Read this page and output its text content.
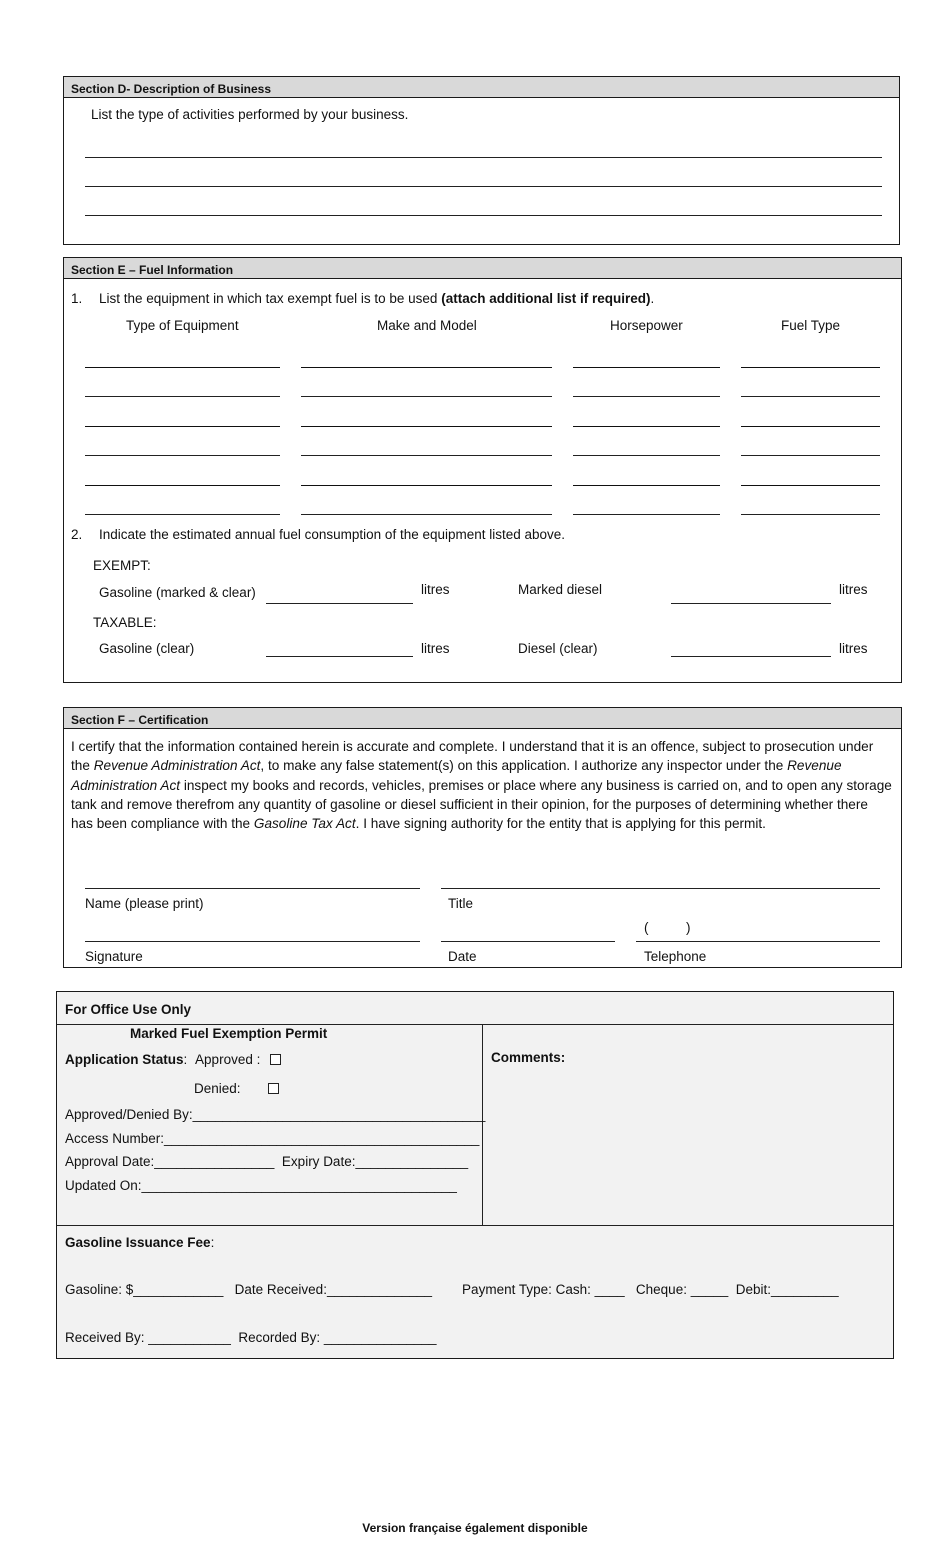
Section D- Description of Business
List the type of activities performed by your business.
Section E – Fuel Information
1. List the equipment in which tax exempt fuel is to be used (attach additional list if required).
Type of Equipment	Make and Model	Horsepower	Fuel Type
2. Indicate the estimated annual fuel consumption of the equipment listed above.
EXEMPT:
Gasoline (marked & clear)	litres	Marked diesel	litres
TAXABLE:
Gasoline (clear)	litres	Diesel (clear)	litres
Section F – Certification
I certify that the information contained herein is accurate and complete. I understand that it is an offence, subject to prosecution under the Revenue Administration Act, to make any false statement(s) on this application. I authorize any inspector under the Revenue Administration Act inspect my books and records, vehicles, premises or place where any business is carried on, and to open any storage tank and remove therefrom any quantity of gasoline or diesel sufficient in their opinion, for the purposes of determining whether there has been compliance with the Gasoline Tax Act. I have signing authority for the entity that is applying for this permit.
Name (please print)	Title
(          )
Signature	Date	Telephone
For Office Use Only
Marked Fuel Exemption Permit
Application Status: Approved :
Denied:
Approved/Denied By:_______________________________________
Access Number:__________________________________________
Approval Date:________________  Expiry Date:_______________
Updated On:__________________________________________
Comments:
Gasoline Issuance Fee:
Gasoline: $____________   Date Received:______________        Payment Type: Cash: ____   Cheque: _____  Debit:_________
Received By: ___________  Recorded By: _______________
Version française également disponible
